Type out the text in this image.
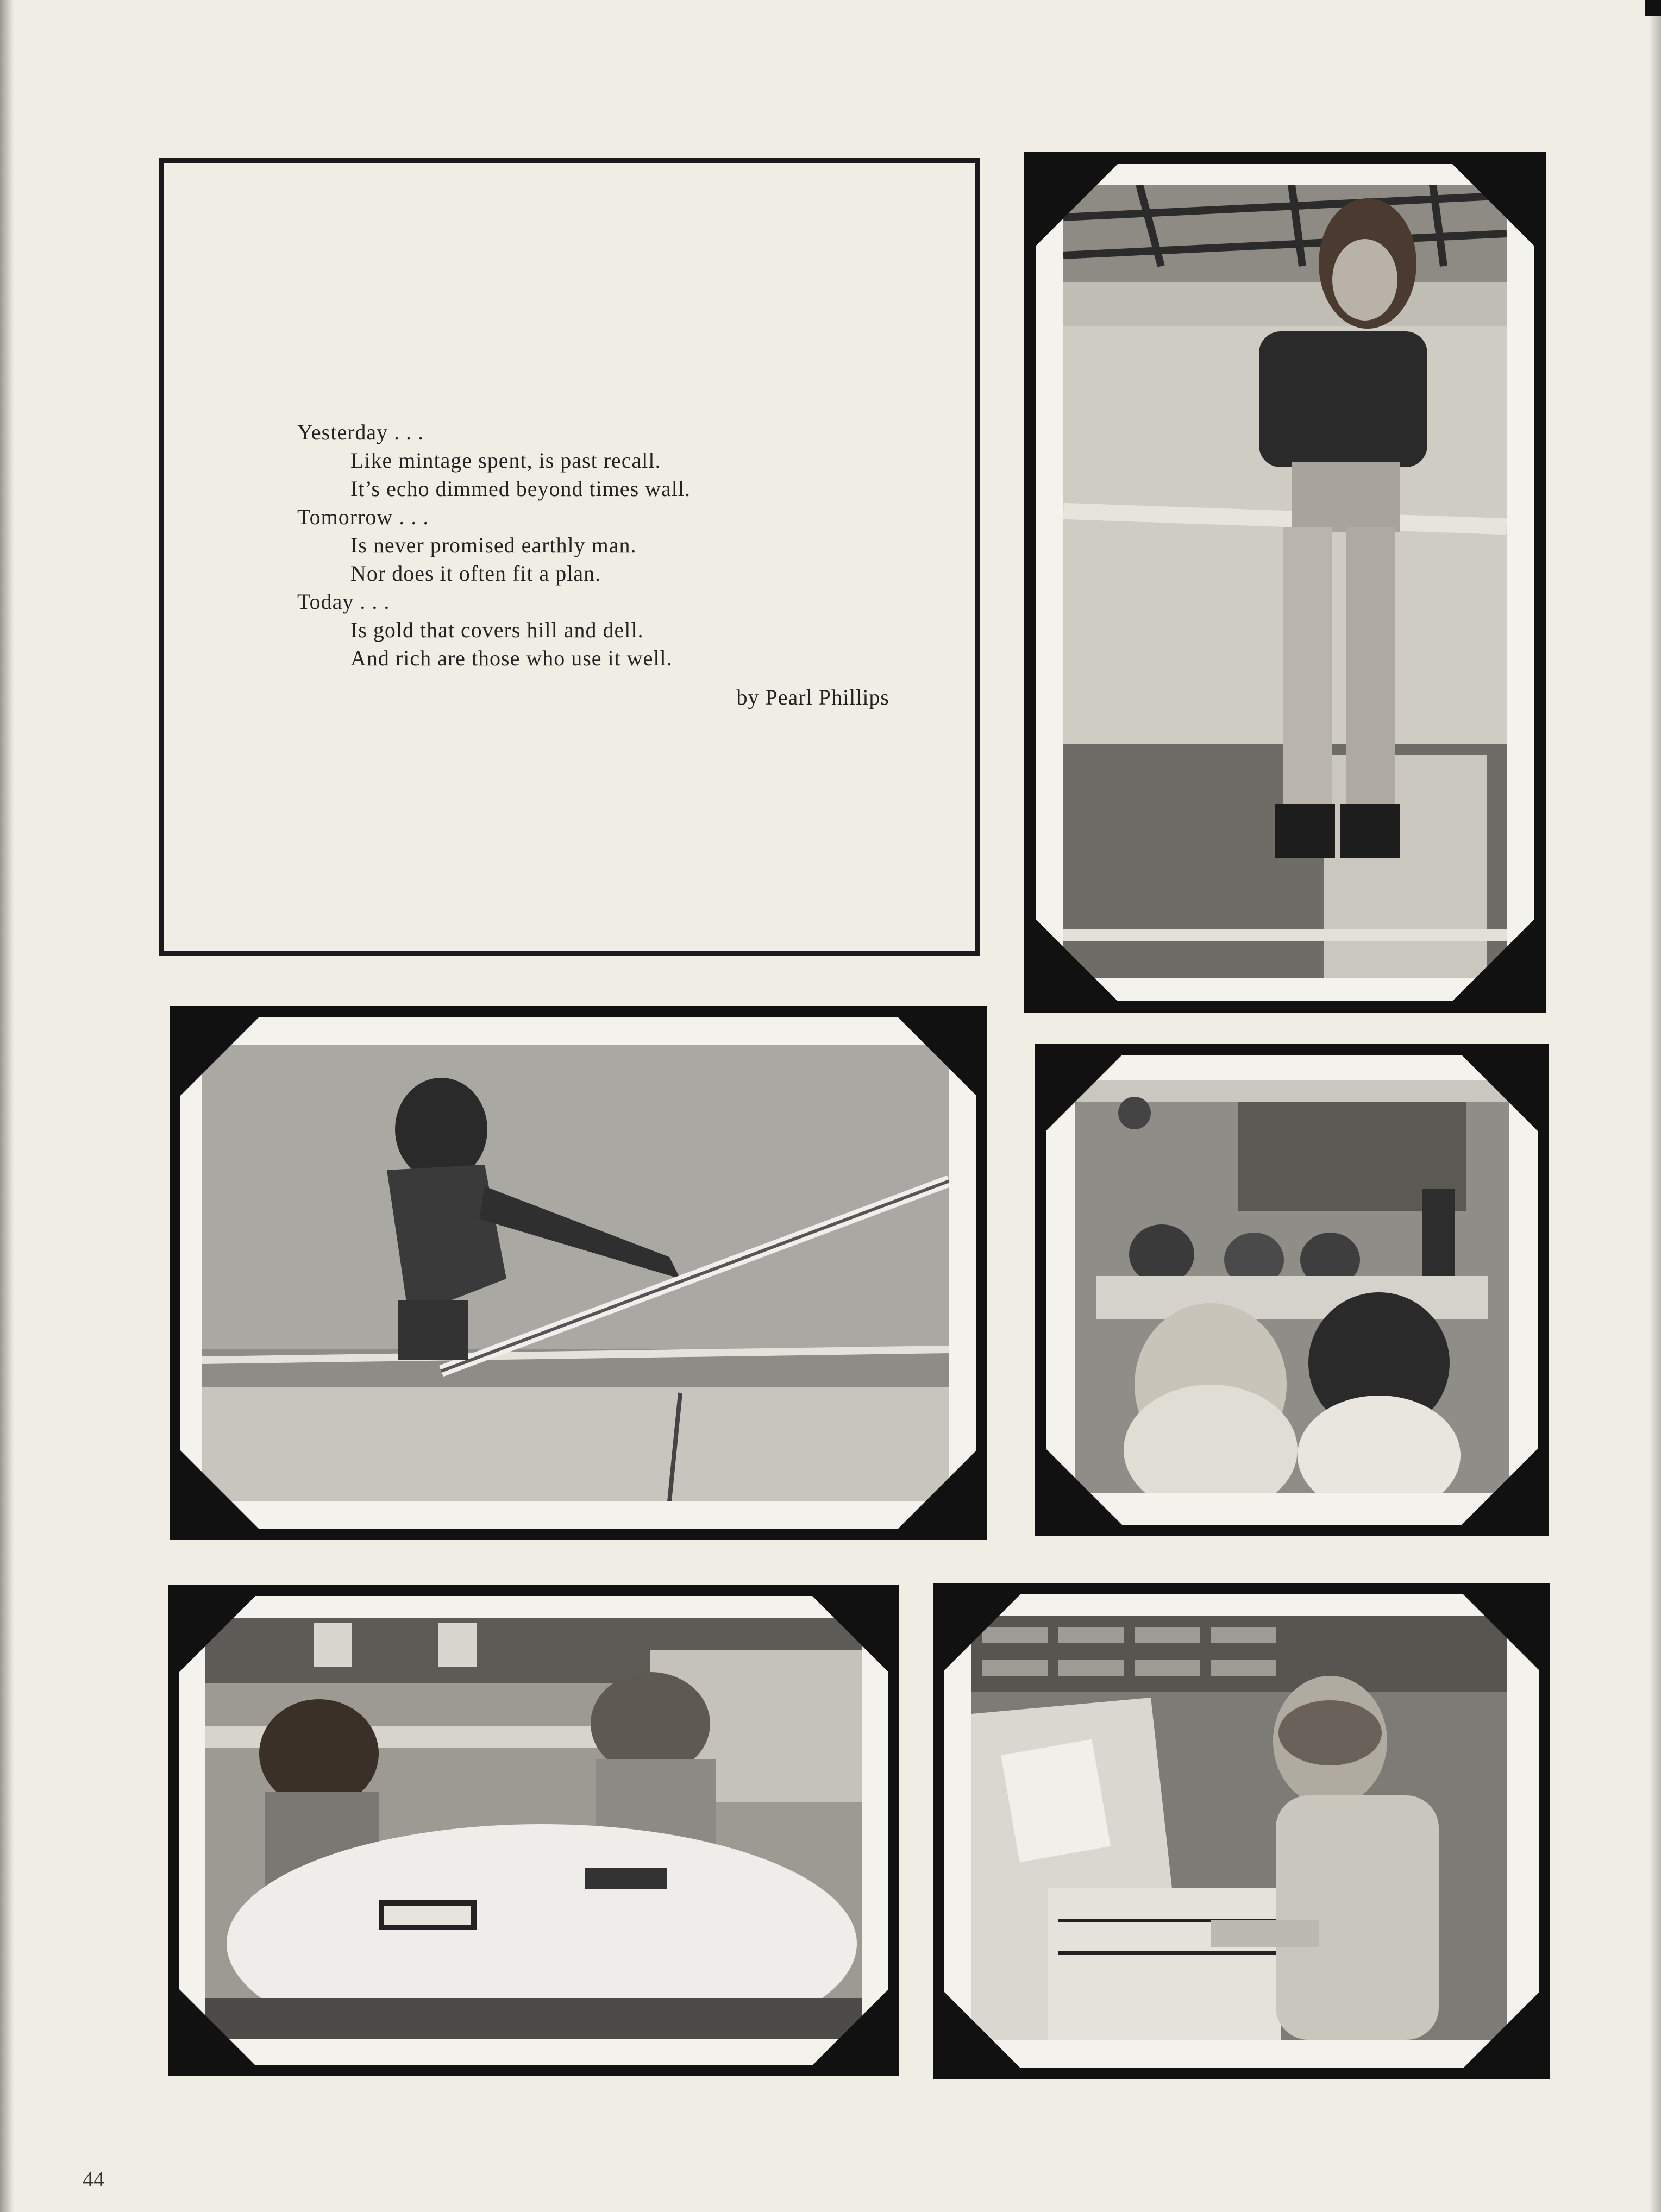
Yesterday . . .
Like mintage spent, is past recall.
It’s echo dimmed beyond times wall.
Tomorrow . . .
Is never promised earthly man.
Nor does it often fit a plan.
Today . . .
Is gold that covers hill and dell.
And rich are those who use it well.
by Pearl Phillips
44
